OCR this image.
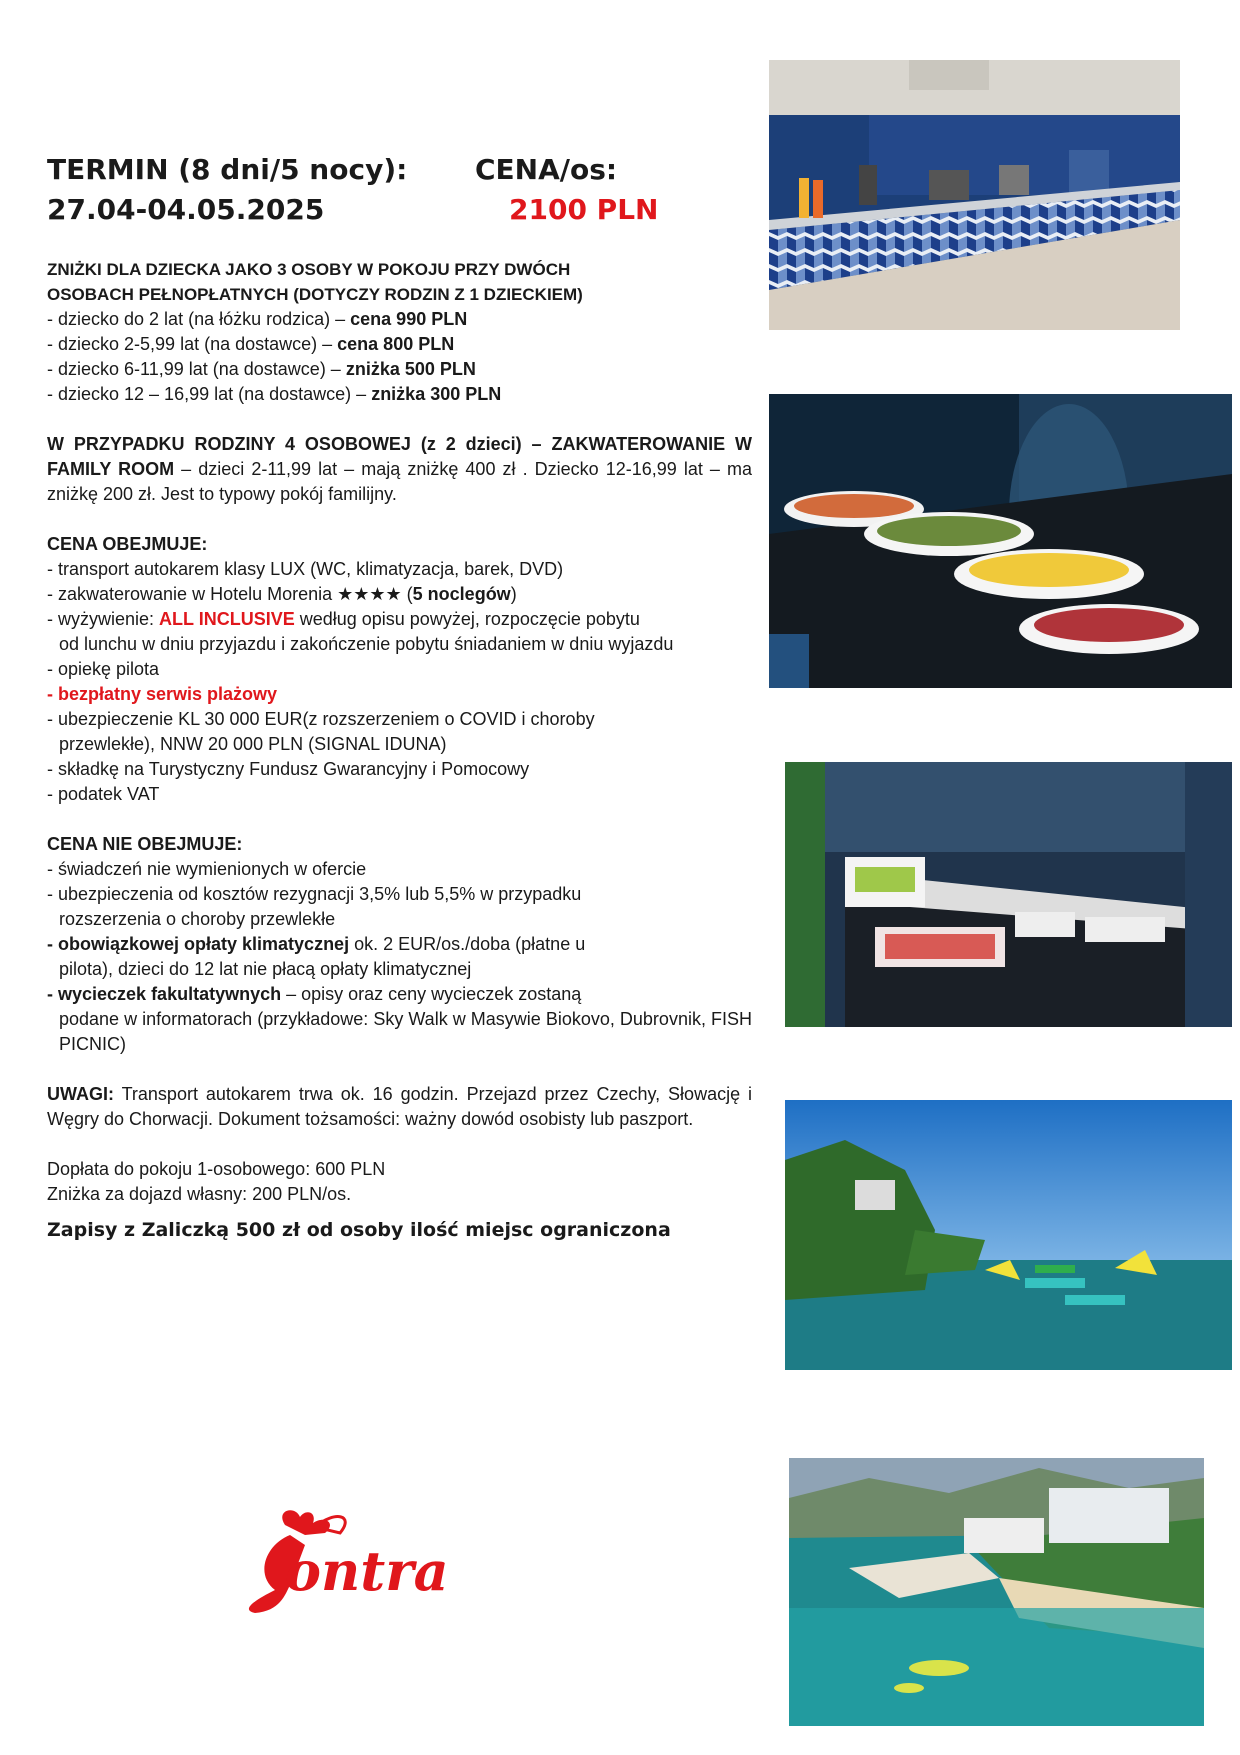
TERMIN (8 dni/5 nocy):
27.04-04.05.2025
CENA/os:
2100 PLN

ZNIŻKI DLA DZIECKA JAKO 3 OSOBY W POKOJU PRZY DWÓCH

OSOBACH PEŁNOPŁATNYCH (DOTYCZY RODZIN Z 1 DZIECKIEM)

- dziecko do 2 lat (na łóżku rodzica) – cena 990 PLN

- dziecko 2-5,99 lat (na dostawce) – cena 800 PLN

- dziecko 6-11,99 lat (na dostawce) – zniżka 500 PLN

- dziecko 12 – 16,99 lat (na dostawce) – zniżka 300 PLN

W PRZYPADKU RODZINY 4 OSOBOWEJ (z 2 dzieci) – ZAKWATEROWANIE W FAMILY ROOM – dzieci 2-11,99 lat – mają zniżkę 400 zł . Dziecko 12-16,99 lat – ma zniżkę 200 zł. Jest to typowy pokój familijny.

CENA OBEJMUJE:

- transport autokarem klasy LUX (WC, klimatyzacja, barek, DVD)

- zakwaterowanie w Hotelu Morenia ★★★★ (5 noclegów)

- wyżywienie: ALL INCLUSIVE według opisu powyżej, rozpoczęcie pobytu

od lunchu w dniu przyjazdu i zakończenie pobytu śniadaniem w dniu wyjazdu

- opiekę pilota

- bezpłatny serwis plażowy

- ubezpieczenie KL 30 000 EUR(z rozszerzeniem o COVID i choroby

przewlekłe), NNW 20 000 PLN (SIGNAL IDUNA)

- składkę na Turystyczny Fundusz Gwarancyjny i Pomocowy

- podatek VAT

CENA NIE OBEJMUJE:

- świadczeń nie wymienionych w ofercie

- ubezpieczenia od kosztów rezygnacji 3,5% lub 5,5% w przypadku

rozszerzenia o choroby przewlekłe

- obowiązkowej opłaty klimatycznej ok. 2 EUR/os./doba (płatne u

pilota), dzieci do 12 lat nie płacą opłaty klimatycznej

- wycieczek fakultatywnych – opisy oraz ceny wycieczek zostaną

podane w informatorach (przykładowe: Sky Walk w Masywie Biokovo, Dubrovnik, FISH PICNIC)

UWAGI: Transport autokarem trwa ok. 16 godzin. Przejazd przez Czechy, Słowację i Węgry do Chorwacji. Dokument tożsamości: ważny dowód osobisty lub paszport.

Dopłata do pokoju 1-osobowego: 600 PLN

Zniżka za dojazd własny: 200 PLN/os.

Zapisy z Zaliczką 500 zł od osoby ilość miejsc ograniczona
ontra
